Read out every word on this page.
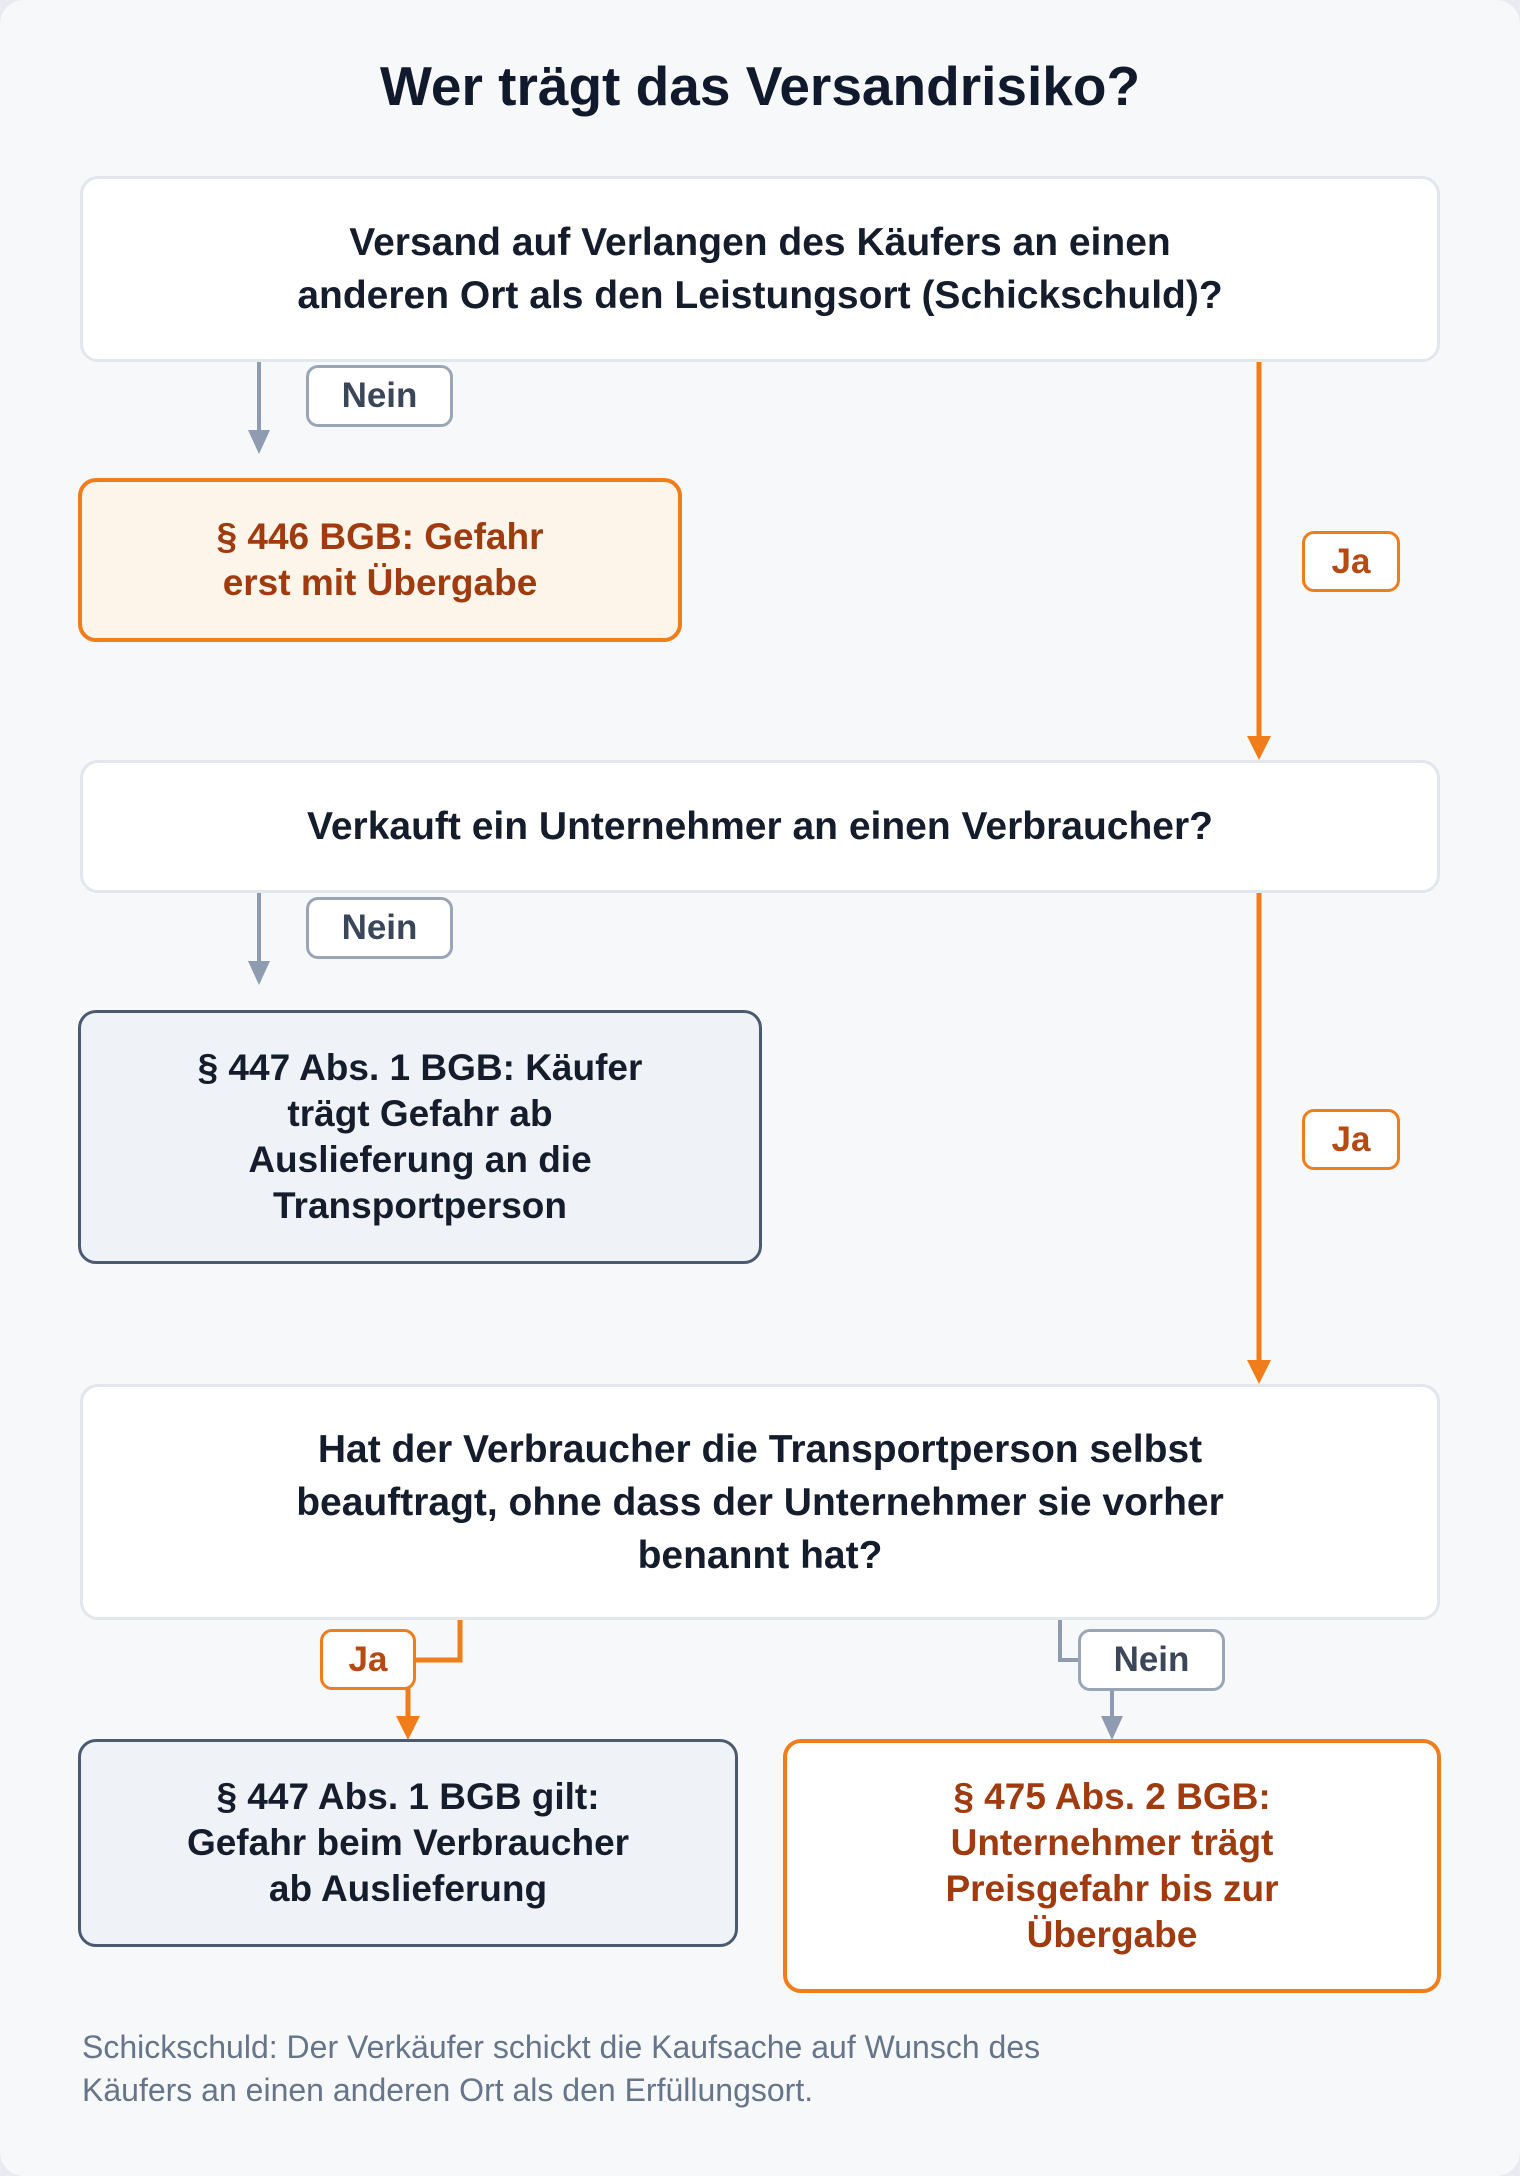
Wer trägt das Versandrisiko?
Versand auf Verlangen des Käufers an einen
anderen Ort als den Leistungsort (Schickschuld)?
Nein
Ja
§ 446 BGB: Gefahr
erst mit Übergabe
Verkauft ein Unternehmer an einen Verbraucher?
Nein
Ja
§ 447 Abs. 1 BGB: Käufer
trägt Gefahr ab
Auslieferung an die
Transportperson
Hat der Verbraucher die Transportperson selbst
beauftragt, ohne dass der Unternehmer sie vorher
benannt hat?
Ja	Nein
§ 447 Abs. 1 BGB gilt:
Gefahr beim Verbraucher
ab Auslieferung
§ 475 Abs. 2 BGB:
Unternehmer trägt
Preisgefahr bis zur
Übergabe
Schickschuld: Der Verkäufer schickt die Kaufsache auf Wunsch des
Käufers an einen anderen Ort als den Erfüllungsort.
